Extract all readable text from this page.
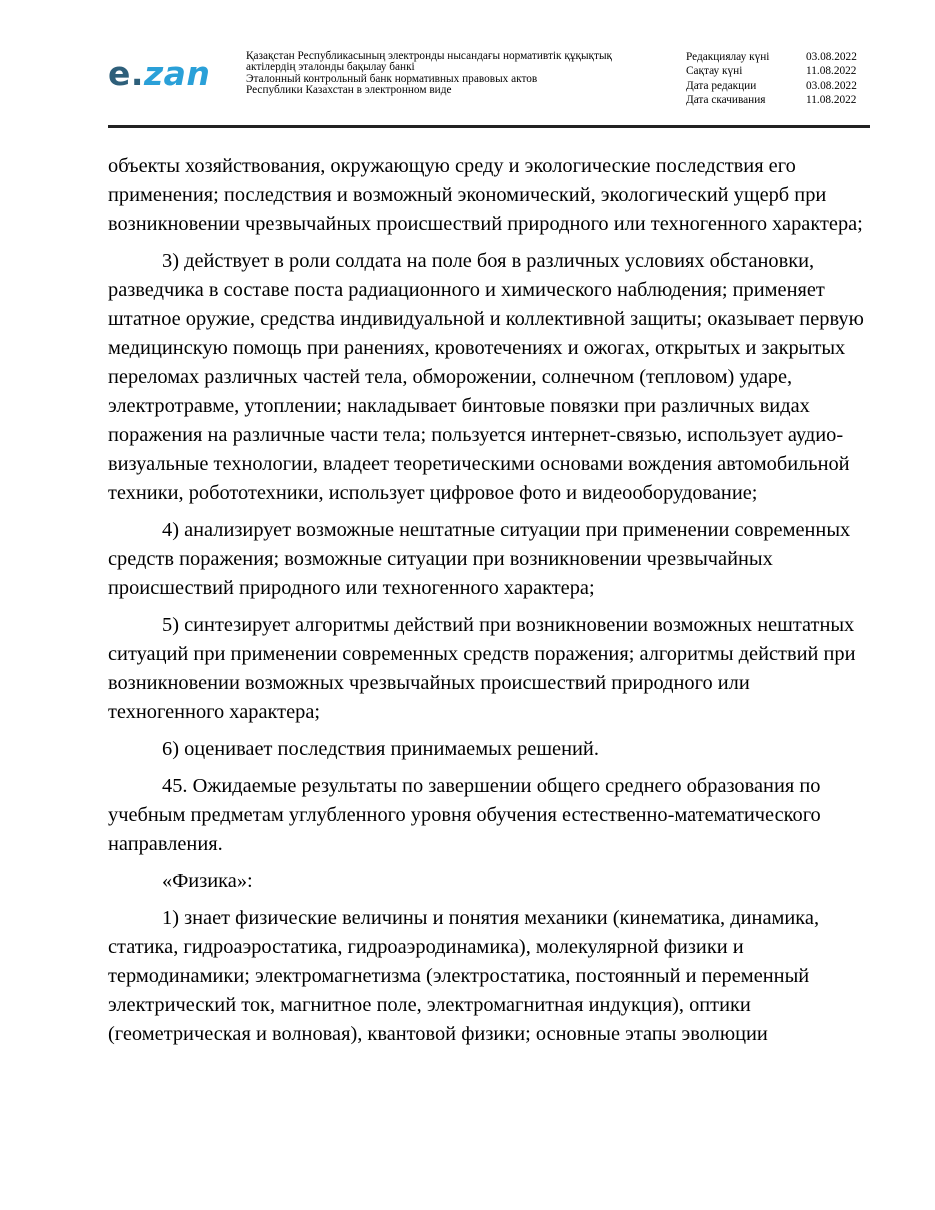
e.zan	Қазақстан Республикасының электронды нысандағы нормативтік құқықтық
актілердің эталонды бақылау банкі
Эталонный контрольный банк нормативных правовых актов
Республики Казахстан в электронном виде
Редакциялау күні	03.08.2022
Сақтау күні	11.08.2022
Дата редакции	03.08.2022
Дата скачивания	11.08.2022

объекты хозяйствования, окружающую среду и экологические последствия его применения; последствия и возможный экономический, экологический ущерб при возникновении чрезвычайных происшествий природного или техногенного характера;

3) действует в роли солдата на поле боя в различных условиях обстановки, разведчика в составе поста радиационного и химического наблюдения; применяет штатное оружие, средства индивидуальной и коллективной защиты; оказывает первую медицинскую помощь при ранениях, кровотечениях и ожогах, открытых и закрытых переломах различных частей тела, обморожении, солнечном (тепловом) ударе, электротравме, утоплении; накладывает бинтовые повязки при различных видах поражения на различные части тела; пользуется интернет-связью, использует аудио-визуальные технологии, владеет теоретическими основами вождения автомобильной техники, робототехники, использует цифровое фото и видеооборудование;

4) анализирует возможные нештатные ситуации при применении современных средств поражения; возможные ситуации при возникновении чрезвычайных происшествий природного или техногенного характера;

5) синтезирует алгоритмы действий при возникновении возможных нештатных ситуаций при применении современных средств поражения; алгоритмы действий при возникновении возможных чрезвычайных происшествий природного или техногенного характера;

6) оценивает последствия принимаемых решений.

45. Ожидаемые результаты по завершении общего среднего образования по учебным предметам углубленного уровня обучения естественно-математического направления.

«Физика»:

1) знает физические величины и понятия механики (кинематика, динамика, статика, гидроаэростатика, гидроаэродинамика), молекулярной физики и термодинамики; электромагнетизма (электростатика, постоянный и переменный электрический ток, магнитное поле, электромагнитная индукция), оптики (геометрическая и волновая), квантовой физики; основные этапы эволюции
